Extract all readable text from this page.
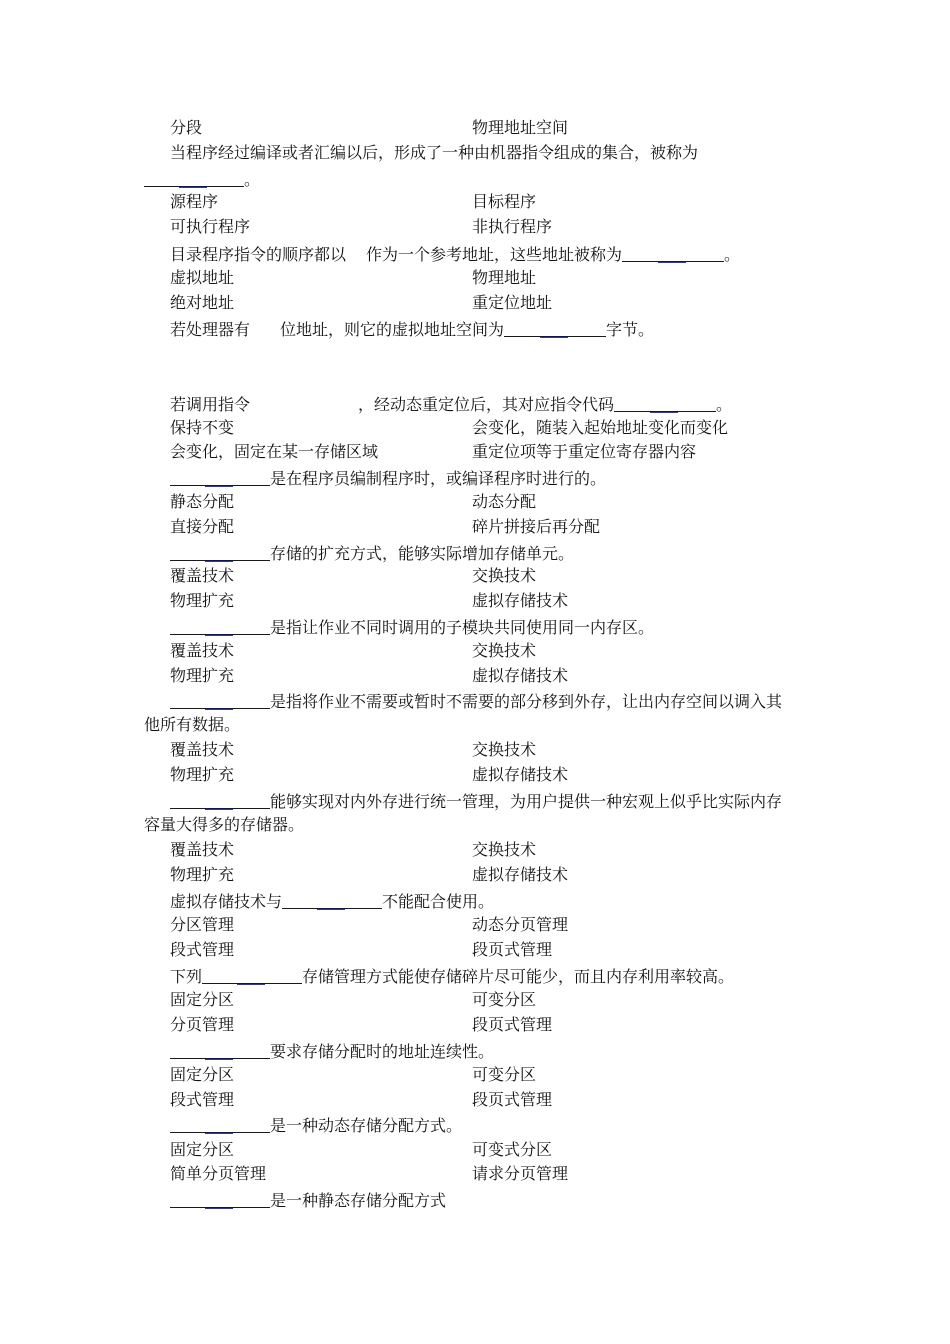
分段	物理地址空间
当程序经过编译或者汇编以后，形成了一种由机器指令组成的集合，被称为
。
源程序	目标程序
可执行程序	非执行程序
目录程序指令的顺序都以 作为一个参考地址，这些地址被称为	。
虚拟地址	物理地址
绝对地址	重定位地址
若处理器有 位地址，则它的虚拟地址空间为	字节。
若调用指令	，经动态重定位后，其对应指令代码	。
保持不变	会变化，随装入起始地址变化而变化
会变化，固定在某一存储区域	重定位项等于重定位寄存器内容
是在程序员编制程序时，或编译程序时进行的。
静态分配	动态分配
直接分配	碎片拼接后再分配
存储的扩充方式，能够实际增加存储单元。
覆盖技术	交换技术
物理扩充	虚拟存储技术
是指让作业不同时调用的子模块共同使用同一内存区。
覆盖技术	交换技术
物理扩充	虚拟存储技术
是指将作业不需要或暂时不需要的部分移到外存，让出内存空间以调入其
他所有数据。
覆盖技术	交换技术
物理扩充	虚拟存储技术
能够实现对内外存进行统一管理，为用户提供一种宏观上似乎比实际内存
容量大得多的存储器。
覆盖技术	交换技术
物理扩充	虚拟存储技术
虚拟存储技术与	不能配合使用。
分区管理	动态分页管理
段式管理	段页式管理
下列	存储管理方式能使存储碎片尽可能少，而且内存利用率较高。
固定分区	可变分区
分页管理	段页式管理
要求存储分配时的地址连续性。
固定分区	可变分区
段式管理	段页式管理
是一种动态存储分配方式。
固定分区	可变式分区
简单分页管理	请求分页管理
是一种静态存储分配方式
